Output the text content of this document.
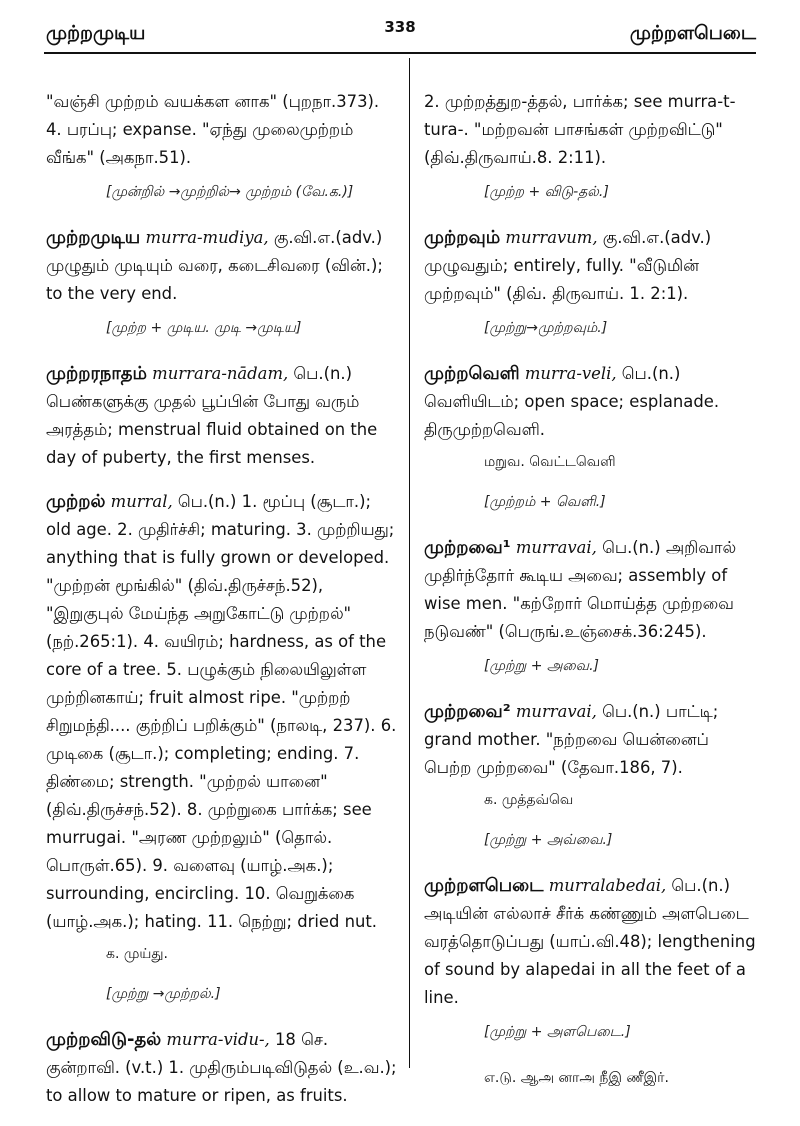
முற்றமுடிய	338	முற்றளபெடை
"வஞ்சி முற்றம் வயக்கள னாக" (புறநா.373). 4. பரப்பு; expanse. "ஏந்து முலைமுற்றம் வீங்க" (அகநா.51).
[முன்றில் →முற்றில்→ முற்றம் (வே.க.)]
முற்றமுடிய murra-mudiya, கு.வி.எ.(adv.) முழுதும் முடியும் வரை, கடைசிவரை (வின்.); to the very end.
[முற்ற + முடிய. முடி →முடிய]
முற்றரநாதம் murrara-nādam, பெ.(n.) பெண்களுக்கு முதல் பூப்பின் போது வரும் அரத்தம்; menstrual fluid obtained on the day of puberty, the first menses.
முற்றல் murral, பெ.(n.) 1. மூப்பு (சூடா.); old age. 2. முதிர்ச்சி; maturing. 3. முற்றியது; anything that is fully grown or developed. "முற்றன் மூங்கில்" (திவ்.திருச்சந்.52), "இறுகுபுல் மேய்ந்த அறுகோட்டு முற்றல்" (நற்.265:1). 4. வயிரம்; hardness, as of the core of a tree. 5. பழுக்கும் நிலையிலுள்ள முற்றினகாய்; fruit almost ripe. "முற்றற் சிறுமந்தி.... குற்றிப் பறிக்கும்" (நாலடி, 237). 6. முடிகை (சூடா.); completing; ending. 7. திண்மை; strength. "முற்றல் யானை" (திவ்.திருச்சந்.52). 8. முற்றுகை பார்க்க; see murrugai. "அரண முற்றலும்" (தொல். பொருள்.65). 9. வளைவு (யாழ்.அக.); surrounding, encircling. 10. வெறுக்கை (யாழ்.அக.); hating. 11. நெற்று; dried nut.
க. முய்து.
[முற்று →முற்றல்.]
முற்றவிடு-தல் murra-vidu-, 18 செ. குன்றாவி. (v.t.) 1. முதிரும்படிவிடுதல் (உ.வ.); to allow to mature or ripen, as fruits.
2. முற்றத்துற-த்தல், பார்க்க; see murra-t-tura-. "மற்றவன் பாசங்கள் முற்றவிட்டு" (திவ்.திருவாய்.8. 2:11).
[முற்ற + விடு-தல்.]
முற்றவும் murravum, கு.வி.எ.(adv.) முழுவதும்; entirely, fully. "வீடுமின் முற்றவும்" (திவ். திருவாய். 1. 2:1).
[முற்று→முற்றவும்.]
முற்றவெளி murra-veli, பெ.(n.) வெளியிடம்; open space; esplanade. திருமுற்றவெளி.
மறுவ. வெட்டவெளி
[முற்றம் + வெளி.]
முற்றவை¹ murravai, பெ.(n.) அறிவால் முதிர்ந்தோர் கூடிய அவை; assembly of wise men. "கற்றோர் மொய்த்த முற்றவை நடுவண்" (பெருங்.உஞ்சைக்.36:245).
[முற்று + அவை.]
முற்றவை² murravai, பெ.(n.) பாட்டி; grand mother. "நற்றவை யென்னைப் பெற்ற முற்றவை" (தேவா.186, 7).
க. முத்தவ்வெ
[முற்று + அவ்வை.]
முற்றளபெடை murralabedai, பெ.(n.) அடியின் எல்லாச் சீர்க் கண்ணும் அளபெடை வரத்தொடுப்பது (யாப்.வி.48); lengthening of sound by alapedai in all the feet of a line.
[முற்று + அளபெடை.]
எ.டு. ஆஅ னாஅ நீஇ ணீஇர்.
